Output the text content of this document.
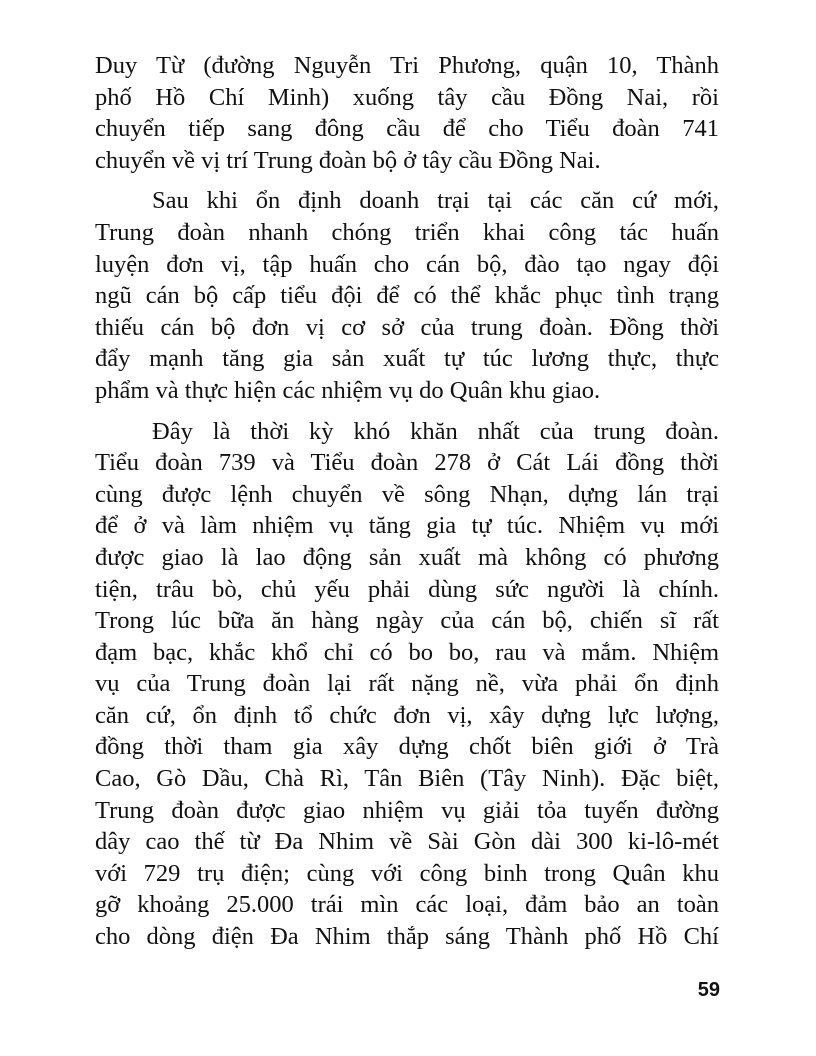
Duy Từ (đường Nguyễn Tri Phương, quận 10, Thành
phố Hồ Chí Minh) xuống tây cầu Đồng Nai, rồi
chuyển tiếp sang đông cầu để cho Tiểu đoàn 741
chuyển về vị trí Trung đoàn bộ ở tây cầu Đồng Nai.
Sau khi ổn định doanh trại tại các căn cứ mới,
Trung đoàn nhanh chóng triển khai công tác huấn
luyện đơn vị, tập huấn cho cán bộ, đào tạo ngay đội
ngũ cán bộ cấp tiểu đội để có thể khắc phục tình trạng
thiếu cán bộ đơn vị cơ sở của trung đoàn. Đồng thời
đẩy mạnh tăng gia sản xuất tự túc lương thực, thực
phẩm và thực hiện các nhiệm vụ do Quân khu giao.
Đây là thời kỳ khó khăn nhất của trung đoàn.
Tiểu đoàn 739 và Tiểu đoàn 278 ở Cát Lái đồng thời
cùng được lệnh chuyển về sông Nhạn, dựng lán trại
để ở và làm nhiệm vụ tăng gia tự túc. Nhiệm vụ mới
được giao là lao động sản xuất mà không có phương
tiện, trâu bò, chủ yếu phải dùng sức người là chính.
Trong lúc bữa ăn hàng ngày của cán bộ, chiến sĩ rất
đạm bạc, khắc khổ chỉ có bo bo, rau và mắm. Nhiệm
vụ của Trung đoàn lại rất nặng nề, vừa phải ổn định
căn cứ, ổn định tổ chức đơn vị, xây dựng lực lượng,
đồng thời tham gia xây dựng chốt biên giới ở Trà
Cao, Gò Dầu, Chà Rì, Tân Biên (Tây Ninh). Đặc biệt,
Trung đoàn được giao nhiệm vụ giải tỏa tuyến đường
dây cao thế từ Đa Nhim về Sài Gòn dài 300 ki-lô-mét
với 729 trụ điện; cùng với công binh trong Quân khu
gỡ khoảng 25.000 trái mìn các loại, đảm bảo an toàn
cho dòng điện Đa Nhim thắp sáng Thành phố Hồ Chí
59
